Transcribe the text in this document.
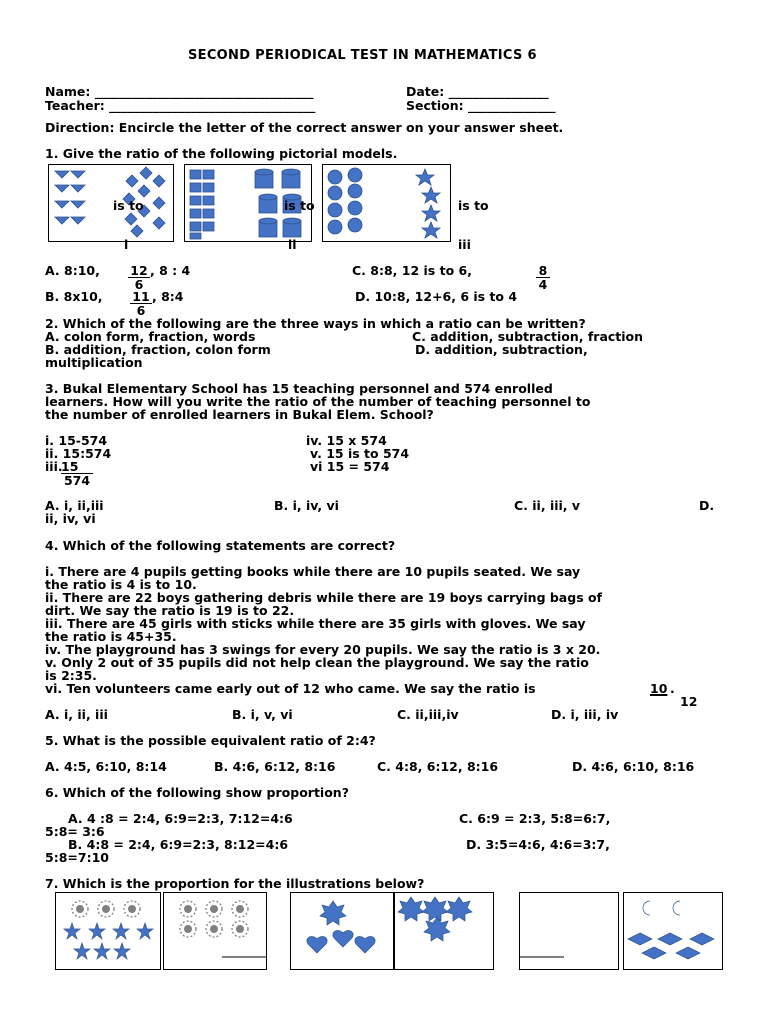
SECOND PERIODICAL TEST IN MATHEMATICS 6
Name: ___________________________________	Date: ________________
Teacher: _________________________________	Section: ______________
Direction: Encircle the letter of the correct answer on your answer sheet.
1. Give the ratio of the following pictorial models.
is to	is to	is to
i	ii	iii
A. 8:10, $\frac{12}{6}$ , 8 : 4	C. 8:8, 12 is to 6,	$\frac{8}{4}$
B. 8x10, $\frac{11}{6}$ , 8:4	D. 10:8, 12+6, 6 is to 4
2. Which of the following are the three ways in which a ratio can be written?
A. colon form, fraction, words	C. addition, subtraction, fraction
B. addition, fraction, colon form	D. addition, subtraction,
multiplication
3. Bukal Elementary School has 15 teaching personnel and 574 enrolled
learners. How will you write the ratio of the number of teaching personnel to
the number of enrolled learners in Bukal Elem. School?
i. 15-574
ii. 15:574
iii.
$\frac{15}{574}$
iv. 15 x 574
v. 15 is to 574
vi 15 = 574
A. i, ii,iii	B. i, iv, vi	C. ii, iii, v	D.
ii, iv, vi
4. Which of the following statements are correct?
i. There are 4 pupils getting books while there are 10 pupils seated. We say
the ratio is 4 is to 10.
ii. There are 22 boys gathering debris while there are 19 boys carrying bags of
dirt. We say the ratio is 19 is to 22.
iii. There are 45 girls with sticks while there are 35 girls with gloves. We say
the ratio is 45+35.
iv. The playground has 3 swings for every 20 pupils. We say the ratio is 3 x 20.
v. Only 2 out of 35 pupils did not help clean the playground. We say the ratio
is 2:35.
vi. Ten volunteers came early out of 12 who came. We say the ratio is	10 .
12
A. i, ii, iii	B. i, v, vi	C. ii,iii,iv	D. i, iii, iv
5. What is the possible equivalent ratio of 2:4?
A. 4:5, 6:10, 8:14	B. 4:6, 6:12, 8:16	C. 4:8, 6:12, 8:16	D. 4:6, 6:10, 8:16
6. Which of the following show proportion?
A. 4 :8 = 2:4, 6:9=2:3, 7:12=4:6	C. 6:9 = 2:3, 5:8=6:7,
5:8= 3:6
B. 4:8 = 2:4, 6:9=2:3, 8:12=4:6	D. 3:5=4:6, 4:6=3:7,
5:8=7:10
7. Which is the proportion for the illustrations below?
